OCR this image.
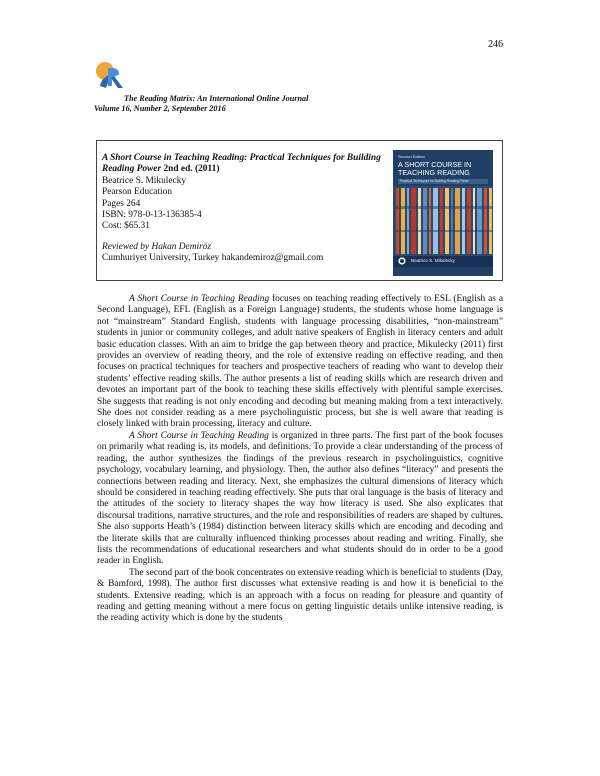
246
The Reading Matrix: An International Online Journal
Volume 16, Number 2, September 2016
A Short Course in Teaching Reading: Practical Techniques for Building Reading Power 2nd ed. (2011)
Beatrice S. Mikulecky
Pearson Education
Pages 264
ISBN: 978-0-13-136385-4
Cost: $65.31
Reviewed by Hakan Demiröz
Cumhuriyet University, Turkey hakandemiroz@gmail.com
Second Edition
A SHORT COURSE IN TEACHING READING
Practical Techniques for Building Reading Power
Beatrice S. Mikulecky

A Short Course in Teaching Reading focuses on teaching reading effectively to ESL (English as a Second Language), EFL (English as a Foreign Language) students, the students whose home language is not “mainstream” Standard English, students with language processing disabilities, “non-mainstream” students in junior or community colleges, and adult native speakers of English in literacy centers and adult basic education classes. With an aim to bridge the gap between theory and practice, Mikulecky (2011) first provides an overview of reading theory, and the role of extensive reading on effective reading, and then focuses on practical techniques for teachers and prospective teachers of reading who want to develop their students’ effective reading skills. The author presents a list of reading skills which are research driven and devotes an important part of the book to teaching these skills effectively with plentiful sample exercises. She suggests that reading is not only encoding and decoding but meaning making from a text interactively. She does not consider reading as a mere psycholinguistic process, but she is well aware that reading is closely linked with brain processing, literacy and culture.

A Short Course in Teaching Reading is organized in three parts. The first part of the book focuses on primarily what reading is, its models, and definitions. To provide a clear understanding of the process of reading, the author synthesizes the findings of the previous research in psycholinguistics, cognitive psychology, vocabulary learning, and physiology. Then, the author also defines “literacy” and presents the connections between reading and literacy. Next, she emphasizes the cultural dimensions of literacy which should be considered in teaching reading effectively. She puts that oral language is the basis of literacy and the attitudes of the society to literacy shapes the way how literacy is used. She also explicates that discoursal traditions, narrative structures, and the role and responsibilities of readers are shaped by cultures. She also supports Heath’s (1984) distinction between literacy skills which are encoding and decoding and the literate skills that are culturally influenced thinking processes about reading and writing. Finally, she lists the recommendations of educational researchers and what students should do in order to be a good reader in English.

The second part of the book concentrates on extensive reading which is beneficial to students (Day, & Bamford, 1998). The author first discusses what extensive reading is and how it is beneficial to the students. Extensive reading, which is an approach with a focus on reading for pleasure and quantity of reading and getting meaning without a mere focus on getting linguistic details unlike intensive reading, is the reading activity which is done by the students
